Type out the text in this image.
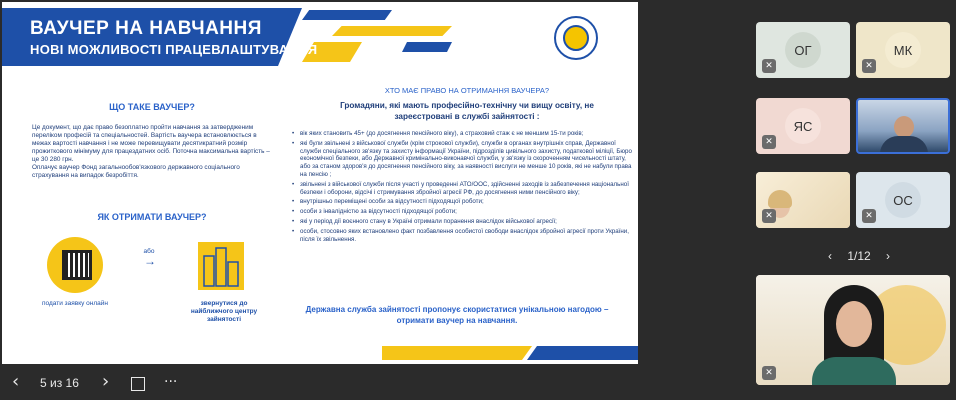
ВАУЧЕР НА НАВЧАННЯ
НОВІ МОЖЛИВОСТІ ПРАЦЕВЛАШТУВАННЯ
ЩО ТАКЕ ВАУЧЕР?
Це документ, що дає право безоплатно пройти навчання за затвердженим переліком професій та спеціальностей. Вартість ваучера встановлюється в межах вартості навчання і не може перевищувати десятикратний розмір прожиткового мінімуму для працездатних осіб. Поточна максимальна вартість – це 30 280 грн.
Оплачує ваучер Фонд загальнообов'язкового державного соціального страхування на випадок безробіття.
ЯК ОТРИМАТИ ВАУЧЕР?
або
→
подати заявку онлайн	звернутися до найближчого центру зайнятості
ХТО МАЄ ПРАВО НА ОТРИМАННЯ ВАУЧЕРА?
Громадяни, які мають професійно-технічну чи вищу освіту, не зареєстровані в службі зайнятості :
• вік яких становить 45+ (до досягнення пенсійного віку), а страховий стаж є не меншим 15-ти років;
• які були звільнені з військової служби (крім строкової служби), служби в органах внутрішніх справ, Державної служби спеціального зв'язку та захисту інформації України, підрозділів цивільного захисту, податкової міліції, Бюро економічної безпеки, або Державної кримінально-виконавчої служби, у зв'язку із скороченням чисельності штату, або за станом здоров'я до досягнення пенсійного віку, за наявності вислуги не менше 10 років, які не набули права на пенсію ;
• звільнені з військової служби після участі у проведенні АТО/ООС, здійсненні заходів із забезпечення національної безпеки і оборони, відсічі і стримування збройної агресії РФ, до досягнення ними пенсійного віку;
• внутрішньо переміщені особи за відсутності підходящої роботи;
• особи з інвалідністю за відсутності підходящої роботи;
• які у період дії воєнного стану в Україні отримали поранення внаслідок військової агресії;
• особи, стосовно яких встановлено факт позбавлення особистої свободи внаслідок збройної агресії проти України, після їх звільнення.
Державна служба зайнятості пропонує скористатися унікальною нагодою – отримати ваучер на навчання.
‹ 5 из 16 ›	···
ОГ
✕
МК
✕
ЯС
✕
✕
ОС
✕
‹ 1/12 ›
✕
